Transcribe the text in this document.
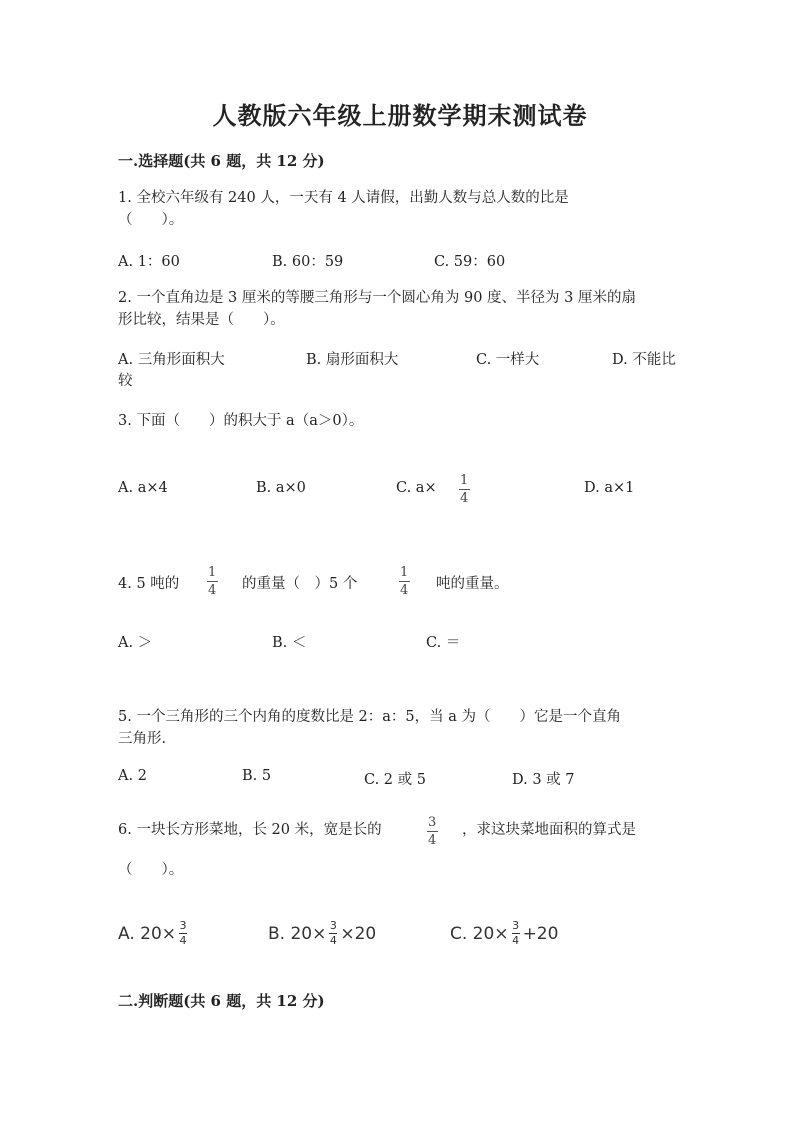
人教版六年级上册数学期末测试卷
一.选择题(共 6 题，共 12 分)
1. 全校六年级有 240 人，一天有 4 人请假，出勤人数与总人数的比是
（　　）。
A. 1：60	B. 60：59	C. 59：60
2. 一个直角边是 3 厘米的等腰三角形与一个圆心角为 90 度、半径为 3 厘米的扇
形比较，结果是（　　）。
A. 三角形面积大	B. 扇形面积大	C. 一样大	D. 不能比
较
3. 下面（　　）的积大于 a（a＞0）。
A. a×4	B. a×0	C. a× 1
4
D. a×1
4. 5 吨的
1
4 的重量（　）5 个
1
4 吨的重量。
A. ＞	B. ＜	C. ＝
5. 一个三角形的三个内角的度数比是 2：a：5，当 a 为（　　）它是一个直角
三角形.
A. 2	B. 5	C. 2 或 5	D. 3 或 7
6. 一块长方形菜地，长 20 米，宽是长的	3
4
，求这块菜地面积的算式是
（　　）。
A. 20× 3
4	B. 20× 3
4 ×20	C. 20× 3
4 +20
二.判断题(共 6 题，共 12 分)
